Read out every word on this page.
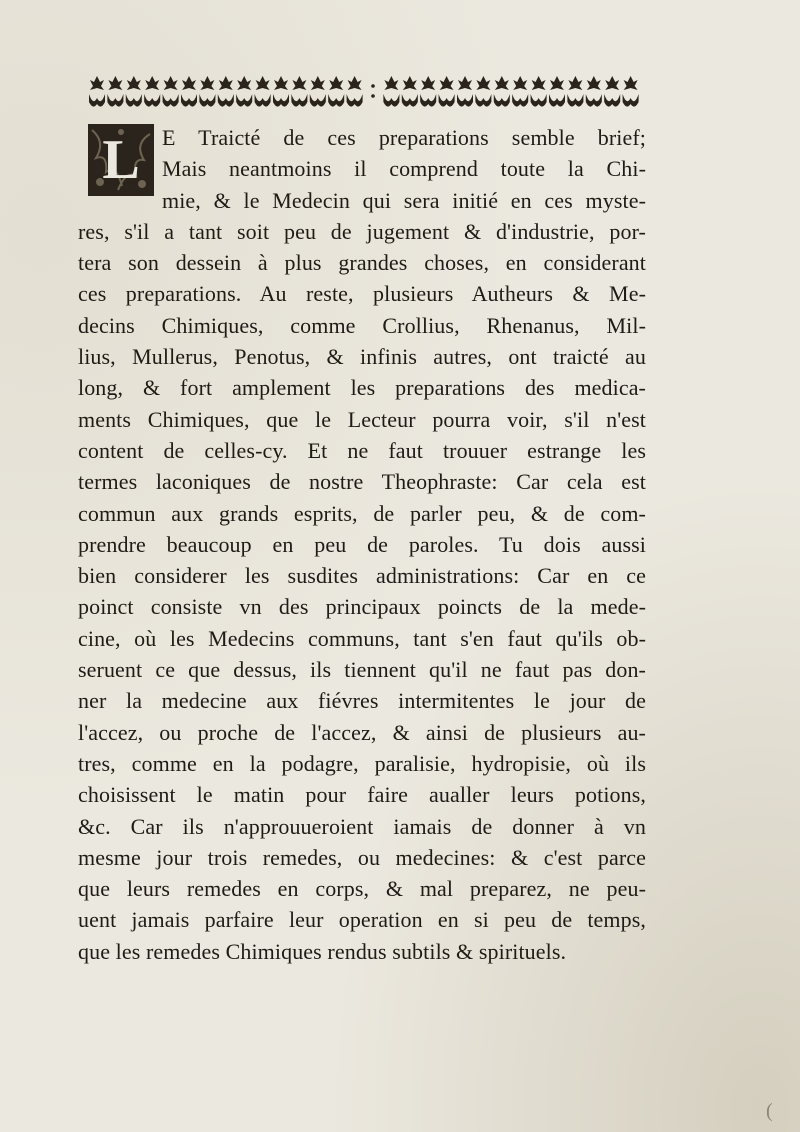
L	E Traicté de ces preparations semble brief;
Mais neantmoins il comprend toute la Chi-
mie, & le Medecin qui sera initié en ces myste-
res, s'il a tant soit peu de jugement & d'industrie, por-
tera son dessein à plus grandes choses, en considerant
ces preparations. Au reste, plusieurs Autheurs & Me-
decins Chimiques, comme Crollius, Rhenanus, Mil-
lius, Mullerus, Penotus, & infinis autres, ont traicté au
long, & fort amplement les preparations des medica-
ments Chimiques, que le Lecteur pourra voir, s'il n'est
content de celles-cy. Et ne faut trouuer estrange les
termes laconiques de nostre Theophraste: Car cela est
commun aux grands esprits, de parler peu, & de com-
prendre beaucoup en peu de paroles. Tu dois aussi
bien considerer les susdites administrations: Car en ce
poinct consiste vn des principaux poincts de la mede-
cine, où les Medecins communs, tant s'en faut qu'ils ob-
seruent ce que dessus, ils tiennent qu'il ne faut pas don-
ner la medecine aux fiévres intermitentes le jour de
l'accez, ou proche de l'accez, & ainsi de plusieurs au-
tres, comme en la podagre, paralisie, hydropisie, où ils
choisissent le matin pour faire aualler leurs potions,
&c. Car ils n'approuueroient iamais de donner à vn
mesme jour trois remedes, ou medecines: & c'est parce
que leurs remedes en corps, & mal preparez, ne peu-
uent jamais parfaire leur operation en si peu de temps,
que les remedes Chimiques rendus subtils & spirituels.
(
